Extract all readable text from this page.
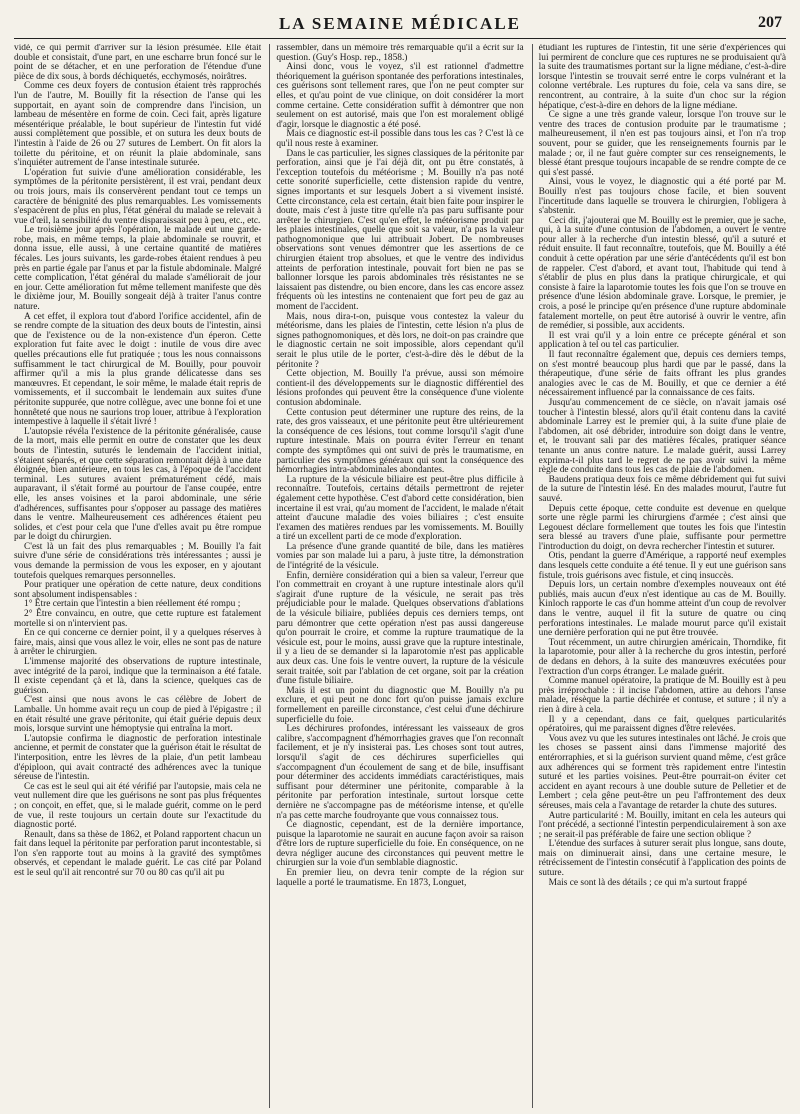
LA SEMAINE MÉDICALE	207

vidé, ce qui permit d'arriver sur la lésion présumée. Elle était double et consistait, d'une part, en une escharre brun foncé sur le point de se détacher, et en une perforation de l'étendue d'une pièce de dix sous, à bords déchiquetés, ecchymosés, noirâtres.

Comme ces deux foyers de contusion étaient très rapprochés l'un de l'autre, M. Bouilly fit la résection de l'anse qui les supportait, en ayant soin de comprendre dans l'incision, un lambeau de mésentère en forme de coin. Ceci fait, après ligature mésentérique préalable, le bout supérieur de l'intestin fut vidé aussi complètement que possible, et on sutura les deux bouts de l'intestin à l'aide de 26 ou 27 sutures de Lembert. On fit alors la toilette du péritoine, et on réunit la plaie abdominale, sans s'inquiéter autrement de l'anse intestinale suturée.

L'opération fut suivie d'une amélioration considérable, les symptômes de la péritonite persistèrent, il est vrai, pendant deux ou trois jours, mais ils conservèrent pendant tout ce temps un caractère de bénignité des plus remarquables. Les vomissements s'espacèrent de plus en plus, l'état général du malade se relevait à vue d'œil, la sensibilité du ventre disparaissait peu à peu, etc., etc.

Le troisième jour après l'opération, le malade eut une garde-robe, mais, en même temps, la plaie abdominale se rouvrit, et donna issue, elle aussi, à une certaine quantité de matières fécales. Les jours suivants, les garde-robes étaient rendues à peu près en partie égale par l'anus et par la fistule abdominale. Malgré cette complication, l'état général du malade s'améliorait de jour en jour. Cette amélioration fut même tellement manifeste que dès le dixième jour, M. Bouilly songeait déjà à traiter l'anus contre nature.

A cet effet, il explora tout d'abord l'orifice accidentel, afin de se rendre compte de la situation des deux bouts de l'intestin, ainsi que de l'existence ou de la non-existence d'un éperon. Cette exploration fut faite avec le doigt : inutile de vous dire avec quelles précautions elle fut pratiquée ; tous les nous connaissons suffisamment le tact chirurgical de M. Bouilly, pour pouvoir affirmer qu'il a mis la plus grande délicatesse dans ses manœuvres. Et cependant, le soir même, le malade était repris de vomissements, et il succombait le lendemain aux suites d'une péritonite suppurée, que notre collègue, avec une bonne foi et une honnêteté que nous ne saurions trop louer, attribue à l'exploration intempestive à laquelle il s'était livré !

L'autopsie révéla l'existence de la péritonite généralisée, cause de la mort, mais elle permit en outre de constater que les deux bouts de l'intestin, suturés le lendemain de l'accident initial, s'étaient séparés, et que cette séparation remontait déjà à une date éloignée, bien antérieure, en tous les cas, à l'époque de l'accident terminal. Les sutures avaient prématurément cédé, mais auparavant, il s'était formé au pourtour de l'anse coupée, entre elle, les anses voisines et la paroi abdominale, une série d'adhérences, suffisantes pour s'opposer au passage des matières dans le ventre. Malheureusement ces adhérences étaient peu solides, et c'est pour cela que l'une d'elles avait pu être rompue par le doigt du chirurgien.

C'est là un fait des plus remarquables ; M. Bouilly l'a fait suivre d'une série de considérations très intéressantes ; aussi je vous demande la permission de vous les exposer, en y ajoutant toutefois quelques remarques personnelles.

Pour pratiquer une opération de cette nature, deux conditions sont absolument indispensables :

1° Être certain que l'intestin a bien réellement été rompu ;

2° Être convaincu, en outre, que cette rupture est fatalement mortelle si on n'intervient pas.

En ce qui concerne ce dernier point, il y a quelques réserves à faire, mais, ainsi que vous allez le voir, elles ne sont pas de nature à arrêter le chirurgien.

L'immense majorité des observations de rupture intestinale, avec intégrité de la paroi, indique que la terminaison a été fatale. Il existe cependant çà et là, dans la science, quelques cas de guérison.

C'est ainsi que nous avons le cas célèbre de Jobert de Lamballe. Un homme avait reçu un coup de pied à l'épigastre ; il en était résulté une grave péritonite, qui était guérie depuis deux mois, lorsque survint une hémoptysie qui entraîna la mort.

L'autopsie confirma le diagnostic de perforation intestinale ancienne, et permit de constater que la guérison était le résultat de l'interposition, entre les lèvres de la plaie, d'un petit lambeau d'épiploon, qui avait contracté des adhérences avec la tunique séreuse de l'intestin.

Ce cas est le seul qui ait été vérifié par l'autopsie, mais cela ne veut nullement dire que les guérisons ne sont pas plus fréquentes ; on conçoit, en effet, que, si le malade guérit, comme on le perd de vue, il reste toujours un certain doute sur l'exactitude du diagnostic porté.

Renault, dans sa thèse de 1862, et Poland rapportent chacun un fait dans lequel la péritonite par perforation parut incontestable, si l'on s'en rapporte tout au moins à la gravité des symptômes observés, et cependant le malade guérit. Le cas cité par Poland est le seul qu'il ait rencontré sur 70 ou 80 cas qu'il ait pu

rassembler, dans un mémoire très remarquable qu'il a écrit sur la question. (Guy's Hosp. rep., 1858.)

Ainsi donc, vous le voyez, s'il est rationnel d'admettre théoriquement la guérison spontanée des perforations intestinales, ces guérisons sont tellement rares, que l'on ne peut compter sur elles, et qu'au point de vue clinique, on doit considérer la mort comme certaine. Cette considération suffit à démontrer que non seulement on est autorisé, mais que l'on est moralement obligé d'agir, lorsque le diagnostic a été posé.

Mais ce diagnostic est-il possible dans tous les cas ? C'est là ce qu'il nous reste à examiner.

Dans le cas particulier, les signes classiques de la péritonite par perforation, ainsi que je l'ai déjà dit, ont pu être constatés, à l'exception toutefois du météorisme ; M. Bouilly n'a pas noté cette sonorité superficielle, cette distension rapide du ventre, signes importants et sur lesquels Jobert a si vivement insisté. Cette circonstance, cela est certain, était bien faite pour inspirer le doute, mais c'est à juste titre qu'elle n'a pas paru suffisante pour arrêter le chirurgien. C'est qu'en effet, le météorisme produit par les plaies intestinales, quelle que soit sa valeur, n'a pas la valeur pathognomonique que lui attribuait Jobert. De nombreuses observations sont venues démontrer que les assertions de ce chirurgien étaient trop absolues, et que le ventre des individus atteints de perforation intestinale, pouvait fort bien ne pas se ballonner lorsque les parois abdominales très résistantes ne se laissaient pas distendre, ou bien encore, dans les cas encore assez fréquents où les intestins ne contenaient que fort peu de gaz au moment de l'accident.

Mais, nous dira-t-on, puisque vous contestez la valeur du météorisme, dans les plaies de l'intestin, cette lésion n'a plus de signes pathognomoniques, et dès lors, ne doit-on pas craindre que le diagnostic certain ne soit impossible, alors cependant qu'il serait le plus utile de le porter, c'est-à-dire dès le début de la péritonite ?

Cette objection, M. Bouilly l'a prévue, aussi son mémoire contient-il des développements sur le diagnostic différentiel des lésions profondes qui peuvent être la conséquence d'une violente contusion abdominale.

Cette contusion peut déterminer une rupture des reins, de la rate, des gros vaisseaux, et une péritonite peut être ultérieurement la conséquence de ces lésions, tout comme lorsqu'il s'agit d'une rupture intestinale. Mais on pourra éviter l'erreur en tenant compte des symptômes qui ont suivi de près le traumatisme, en particulier des symptômes généraux qui sont la conséquence des hémorrhagies intra-abdominales abondantes.

La rupture de la vésicule biliaire est peut-être plus difficile à reconnaître. Toutefois, certains détails permettront de rejeter également cette hypothèse. C'est d'abord cette considération, bien incertaine il est vrai, qu'au moment de l'accident, le malade n'était atteint d'aucune maladie des voies biliaires ; c'est ensuite l'examen des matières rendues par les vomissements. M. Bouilly a tiré un excellent parti de ce mode d'exploration.

La présence d'une grande quantité de bile, dans les matières vomies par son malade lui a paru, à juste titre, la démonstration de l'intégrité de la vésicule.

Enfin, dernière considération qui a bien sa valeur, l'erreur que l'on commettrait en croyant à une rupture intestinale alors qu'il s'agirait d'une rupture de la vésicule, ne serait pas très préjudiciable pour le malade. Quelques observations d'ablations de la vésicule biliaire, publiées depuis ces derniers temps, ont paru démontrer que cette opération n'est pas aussi dangereuse qu'on pourrait le croire, et comme la rupture traumatique de la vésicule est, pour le moins, aussi grave que la rupture intestinale, il y a lieu de se demander si la laparotomie n'est pas applicable aux deux cas. Une fois le ventre ouvert, la rupture de la vésicule serait traitée, soit par l'ablation de cet organe, soit par la création d'une fistule biliaire.

Mais il est un point du diagnostic que M. Bouilly n'a pu exclure, et qui peut ne donc fort qu'on puisse jamais exclure formellement en pareille circonstance, c'est celui d'une déchirure superficielle du foie.

Les déchirures profondes, intéressant les vaisseaux de gros calibre, s'accompagnent d'hémorrhagies graves que l'on reconnaît facilement, et je n'y insisterai pas. Les choses sont tout autres, lorsqu'il s'agit de ces déchirures superficielles qui s'accompagnent d'un écoulement de sang et de bile, insuffisant pour déterminer des accidents immédiats caractéristiques, mais suffisant pour déterminer une péritonite, comparable à la péritonite par perforation intestinale, surtout lorsque cette dernière ne s'accompagne pas de météorisme intense, et qu'elle n'a pas cette marche foudroyante que vous connaissez tous.

Ce diagnostic, cependant, est de la dernière importance, puisque la laparotomie ne saurait en aucune façon avoir sa raison d'être lors de rupture superficielle du foie. En conséquence, on ne devra négliger aucune des circonstances qui peuvent mettre le chirurgien sur la voie d'un semblable diagnostic.

En premier lieu, on devra tenir compte de la région sur laquelle a porté le traumatisme. En 1873, Longuet,

étudiant les ruptures de l'intestin, fit une série d'expériences qui lui permirent de conclure que ces ruptures ne se produisaient qu'à la suite des traumatismes portant sur la ligne médiane, c'est-à-dire lorsque l'intestin se trouvait serré entre le corps vulnérant et la colonne vertébrale. Les ruptures du foie, cela va sans dire, se rencontrent, au contraire, à la suite d'un choc sur la région hépatique, c'est-à-dire en dehors de la ligne médiane.

Ce signe a une très grande valeur, lorsque l'on trouve sur le ventre des traces de contusion produite par le traumatisme ; malheureusement, il n'en est pas toujours ainsi, et l'on n'a trop souvent, pour se guider, que les renseignements fournis par le malade ; or, il ne faut guère compter sur ces renseignements, le blessé étant presque toujours incapable de se rendre compte de ce qui s'est passé.

Ainsi, vous le voyez, le diagnostic qui a été porté par M. Bouilly n'est pas toujours chose facile, et bien souvent l'incertitude dans laquelle se trouvera le chirurgien, l'obligera à s'abstenir.

Ceci dit, j'ajouterai que M. Bouilly est le premier, que je sache, qui, à la suite d'une contusion de l'abdomen, a ouvert le ventre pour aller à la recherche d'un intestin blessé, qu'il a suturé et réduit ensuite. Il faut reconnaître, toutefois, que M. Bouilly a été conduit à cette opération par une série d'antécédents qu'il est bon de rappeler. C'est d'abord, et avant tout, l'habitude qui tend à s'établir de plus en plus dans la pratique chirurgicale, et qui consiste à faire la laparotomie toutes les fois que l'on se trouve en présence d'une lésion abdominale grave. Lorsque, le premier, je crois, a posé le principe qu'en présence d'une rupture abdominale fatalement mortelle, on peut être autorisé à ouvrir le ventre, afin de remédier, si possible, aux accidents.

Il est vrai qu'il y a loin entre ce précepte général et son application à tel ou tel cas particulier.

Il faut reconnaître également que, depuis ces derniers temps, on s'est montré beaucoup plus hardi que par le passé, dans la thérapeutique, d'une série de faits offrant les plus grandes analogies avec le cas de M. Bouilly, et que ce dernier a été nécessairement influencé par la connaissance de ces faits.

Jusqu'au commencement de ce siècle, on n'avait jamais osé toucher à l'intestin blessé, alors qu'il était contenu dans la cavité abdominale Larrey est le premier qui, à la suite d'une plaie de l'abdomen, ait osé débrider, introduire son doigt dans le ventre, et, le trouvant sali par des matières fécales, pratiquer séance tenante un anus contre nature. Le malade guérit, aussi Larrey exprima-t-il plus tard le regret de ne pas avoir suivi la même règle de conduite dans tous les cas de plaie de l'abdomen.

Baudens pratiqua deux fois ce même débridement qui fut suivi de la suture de l'intestin lésé. En des malades mourut, l'autre fut sauvé.

Depuis cette époque, cette conduite est devenue en quelque sorte une règle parmi les chirurgiens d'armée ; c'est ainsi que Legouest déclare formellement que toutes les fois que l'intestin sera blessé au travers d'une plaie, suffisante pour permettre l'introduction du doigt, on devra rechercher l'intestin et suturer.

Otis, pendant la guerre d'Amérique, a rapporté neuf exemples dans lesquels cette conduite a été tenue. Il y eut une guérison sans fistule, trois guérisons avec fistule, et cinq insuccès.

Depuis lors, un certain nombre d'exemples nouveaux ont été publiés, mais aucun d'eux n'est identique au cas de M. Bouilly. Kinloch rapporte le cas d'un homme atteint d'un coup de revolver dans le ventre, auquel il fit la suture de quatre ou cinq perforations intestinales. Le malade mourut parce qu'il existait une dernière perforation qui ne put être trouvée.

Tout récemment, un autre chirurgien américain, Thorndike, fit la laparotomie, pour aller à la recherche du gros intestin, perforé de dedans en dehors, à la suite des manœuvres exécutées pour l'extraction d'un corps étranger. Le malade guérit.

Comme manuel opératoire, la pratique de M. Bouilly est à peu près irréprochable : il incise l'abdomen, attire au dehors l'anse malade, résèque la partie déchirée et contuse, et suture ; il n'y a rien à dire à cela.

Il y a cependant, dans ce fait, quelques particularités opératoires, qui me paraissent dignes d'être relevées.

Vous avez vu que les sutures intestinales ont lâché. Je crois que les choses se passent ainsi dans l'immense majorité des entérorraphies, et si la guérison survient quand même, c'est grâce aux adhérences qui se forment très rapidement entre l'intestin suturé et les parties voisines. Peut-être pourrait-on éviter cet accident en ayant recours à une double suture de Pelletier et de Lembert ; cela gêne peut-être un peu l'affrontement des deux séreuses, mais cela a l'avantage de retarder la chute des sutures.

Autre particularité : M. Bouilly, imitant en cela les auteurs qui l'ont précédé, a sectionné l'intestin perpendiculairement à son axe ; ne serait-il pas préférable de faire une section oblique ?

L'étendue des surfaces à suturer serait plus longue, sans doute, mais on diminuerait ainsi, dans une certaine mesure, le rétrécissement de l'intestin consécutif à l'application des points de suture.

Mais ce sont là des détails ; ce qui m'a surtout frappé
